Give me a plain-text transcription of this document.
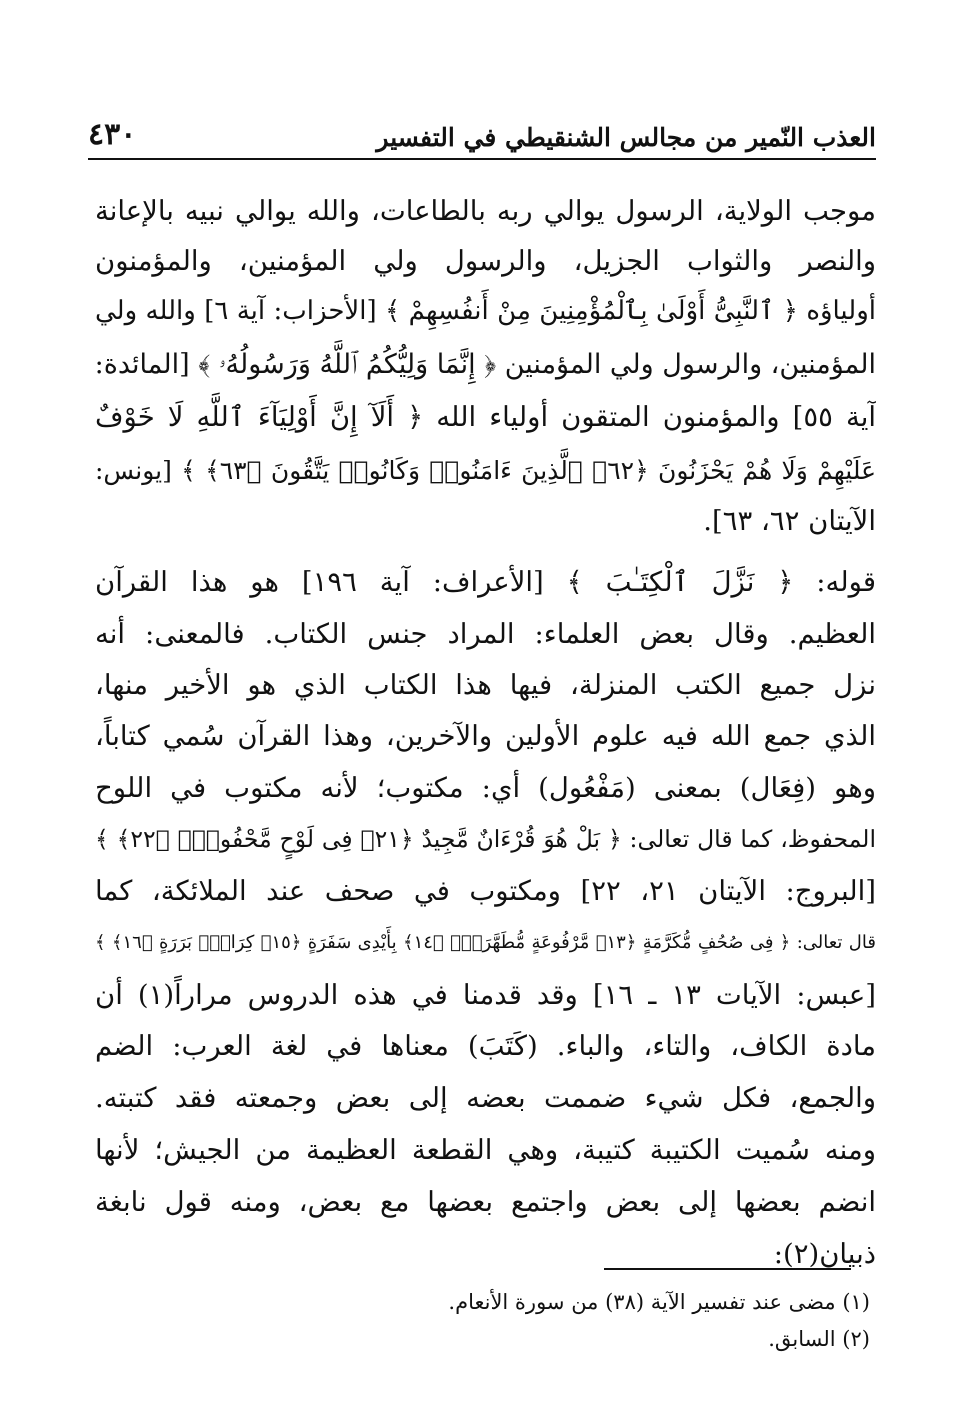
العذب النّمير من مجالس الشنقيطي في التفسير
٤٣٠
موجب الولاية، الرسول يوالي ربه بالطاعات، والله يوالي نبيه بالإعانة
والنصر والثواب الجزيل، والرسول ولي المؤمنين، والمؤمنون
أولياؤه ﴿ ٱلنَّبِىُّ أَوْلَىٰ بِٱلْمُؤْمِنِينَ مِنْ أَنفُسِهِمْ ﴾ [الأحزاب: آية ٦] والله ولي
المؤمنين، والرسول ولي المؤمنين ﴿ إِنَّمَا وَلِيُّكُمُ ٱللَّهُ وَرَسُولُهُۥ ﴾ [المائدة:
آية ٥٥] والمؤمنون المتقون أولياء الله ﴿ أَلَآ إِنَّ أَوْلِيَآءَ ٱللَّهِ لَا خَوْفٌ
عَلَيْهِمْ وَلَا هُمْ يَحْزَنُونَ ﴿٦٢﴾ ٱلَّذِينَ ءَامَنُوا۟ وَكَانُوا۟ يَتَّقُونَ ﴿٦٣﴾ ﴾ [يونس:
الآيتان ٦٢، ٦٣].
قوله: ﴿ نَزَّلَ ٱلْكِتَـٰبَ ﴾ [الأعراف: آية ١٩٦] هو هذا القرآن
العظيم. وقال بعض العلماء: المراد جنس الكتاب. فالمعنى: أنه
نزل جميع الكتب المنزلة، فيها هذا الكتاب الذي هو الأخير منها،
الذي جمع الله فيه علوم الأولين والآخرين، وهذا القرآن سُمي كتاباً،
وهو (فِعَال) بمعنى (مَفْعُول) أي: مكتوب؛ لأنه مكتوب في اللوح
المحفوظ، كما قال تعالى: ﴿ بَلْ هُوَ قُرْءَانٌ مَّجِيدٌ ﴿٢١﴾ فِى لَوْحٍ مَّحْفُوظٍۭ ﴿٢٢﴾ ﴾
[البروج: الآيتان ٢١، ٢٢] ومكتوب في صحف عند الملائكة، كما
قال تعالى: ﴿ فِى صُحُفٍ مُّكَرَّمَةٍ ﴿١٣﴾ مَّرْفُوعَةٍ مُّطَهَّرَةٍۭ ﴿١٤﴾ بِأَيْدِى سَفَرَةٍ ﴿١٥﴾ كِرَامٍۭ بَرَرَةٍ ﴿١٦﴾ ﴾
[عبس: الآيات ١٣ ـ ١٦] وقد قدمنا في هذه الدروس مراراً(١) أن
مادة الكاف، والتاء، والباء. (كَتَبَ) معناها في لغة العرب: الضم
والجمع، فكل شيء ضممت بعضه إلى بعض وجمعته فقد كتبته.
ومنه سُميت الكتيبة كتيبة، وهي القطعة العظيمة من الجيش؛ لأنها
انضم بعضها إلى بعض واجتمع بعضها مع بعض، ومنه قول نابغة
ذبيان(٢):
(١) مضى عند تفسير الآية (٣٨) من سورة الأنعام.
(٢) السابق.
